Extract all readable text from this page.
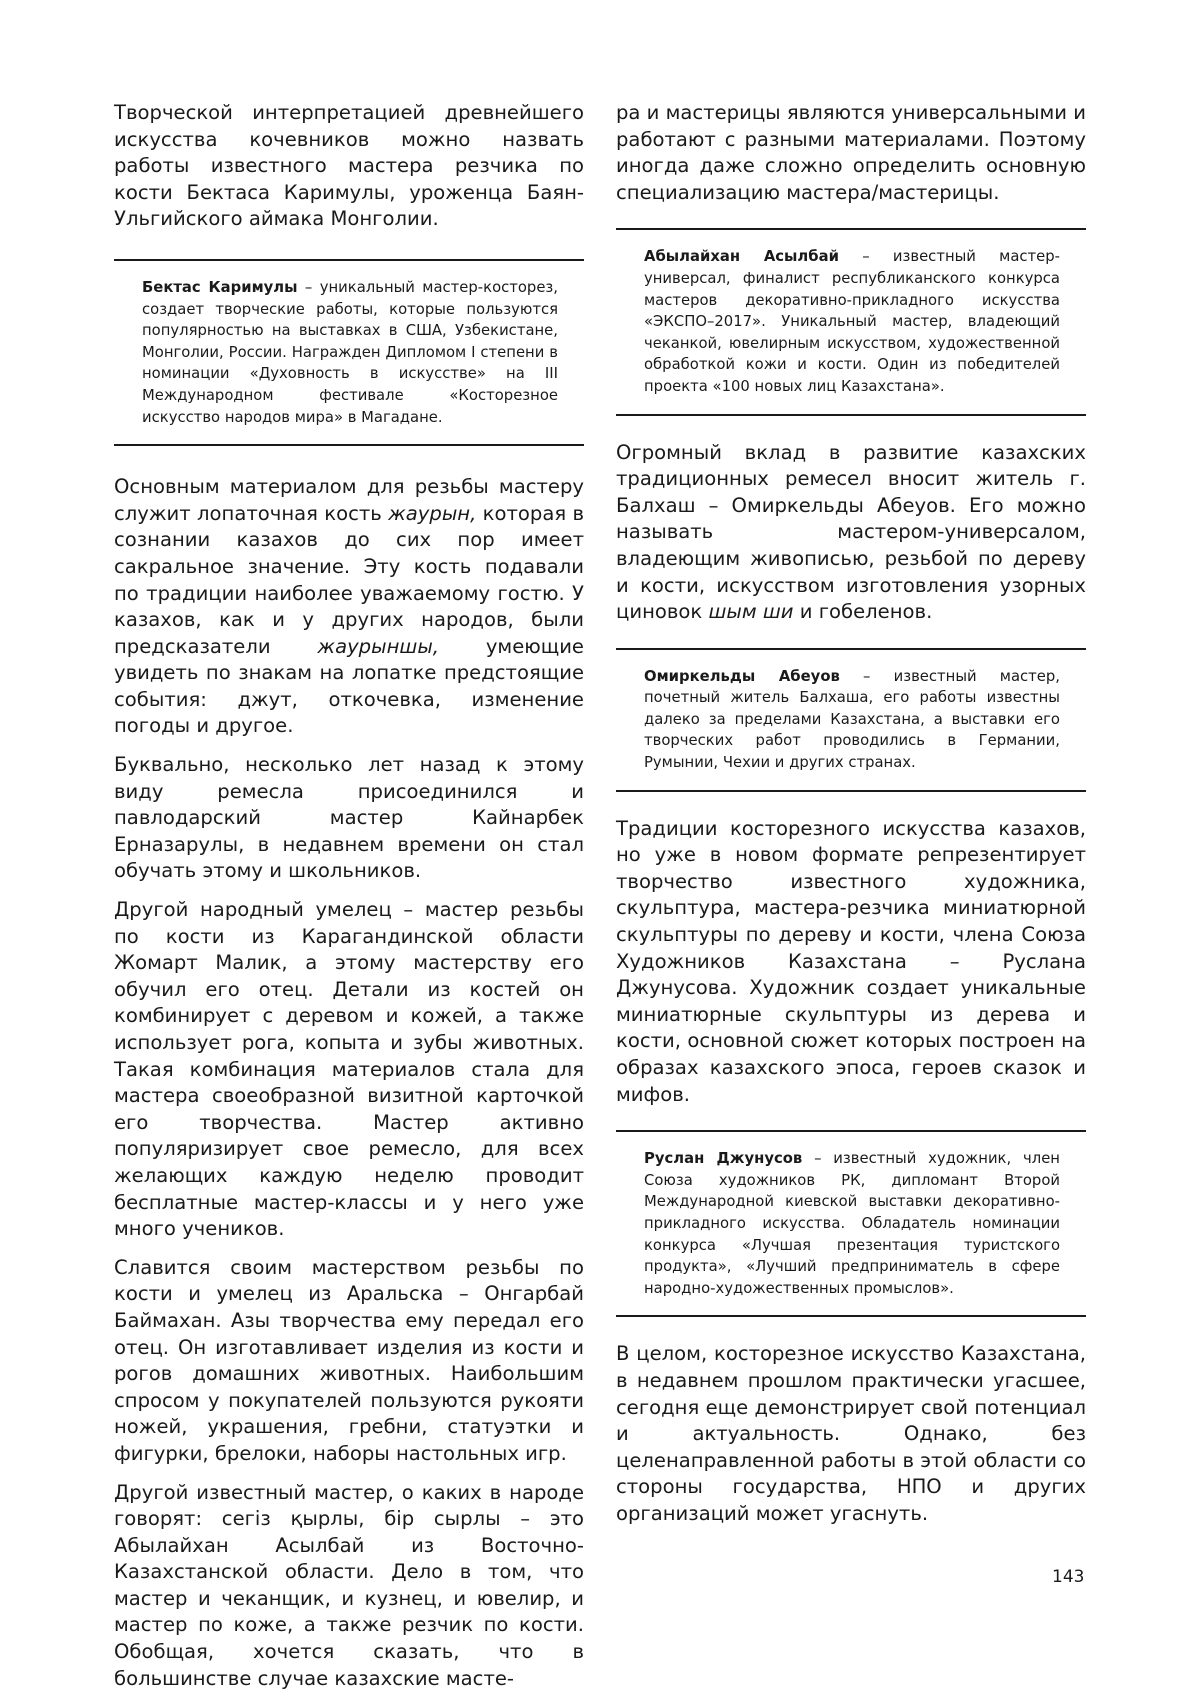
Творческой интерпретацией древнейшего искусства кочевников можно назвать работы известного мастера резчика по кости Бектаса Каримулы, уроженца Баян-Ульгийского аймака Монголии.

Бектас Каримулы – уникальный мастер-косторез, создает творческие работы, которые пользуются популярностью на выставках в США, Узбекистане, Монголии, России. Награжден Дипломом I степени в номинации «Духовность в искусстве» на III Международном фестивале «Косторезное искусство народов мира» в Магадане.

Основным материалом для резьбы мастеру служит лопаточная кость жаурын, которая в сознании казахов до сих пор имеет сакральное значение. Эту кость подавали по традиции наиболее уважаемому гостю. У казахов, как и у других народов, были предсказатели жаурыншы, умеющие увидеть по знакам на лопатке предстоящие события: джут, откочевка, изменение погоды и другое.

Буквально, несколько лет назад к этому виду ремесла присоединился и павлодарский мастер Кайнарбек Ерназарулы, в недавнем времени он стал обучать этому и школьников.

Другой народный умелец – мастер резьбы по кости из Карагандинской области Жомарт Малик, а этому мастерству его обучил его отец. Детали из костей он комбинирует с деревом и кожей, а также использует рога, копыта и зубы животных. Такая комбинация материалов стала для мастера своеобразной визитной карточкой его творчества. Мастер активно популяризирует свое ремесло, для всех желающих каждую неделю проводит бесплатные мастер-классы и у него уже много учеников.

Славится своим мастерством резьбы по кости и умелец из Аральска – Онгарбай Баймахан. Азы творчества ему передал его отец. Он изготавливает изделия из кости и рогов домашних животных. Наибольшим спросом у покупателей пользуются рукояти ножей, украшения, гребни, статуэтки и фигурки, брелоки, наборы настольных игр.

Другой известный мастер, о каких в народе говорят: сегіз қырлы, бір сырлы – это Абылайхан Асылбай из Восточно-Казахстанской области. Дело в том, что мастер и чеканщик, и кузнец, и ювелир, и мастер по коже, а также резчик по кости. Обобщая, хочется сказать, что в большинстве случае казахские масте-

ра и мастерицы являются универсальными и работают с разными материалами. Поэтому иногда даже сложно определить основную специализацию мастера/мастерицы.

Абылайхан Асылбай – известный мастер-универсал, финалист республиканского конкурса мастеров декоративно-прикладного искусства «ЭКСПО–2017». Уникальный мастер, владеющий чеканкой, ювелирным искусством, художественной обработкой кожи и кости. Один из победителей проекта «100 новых лиц Казахстана».

Огромный вклад в развитие казахских традиционных ремесел вносит житель г. Балхаш – Омиркельды Абеуов. Его можно называть мастером-универсалом, владеющим живописью, резьбой по дереву и кости, искусством изготовления узорных циновок шым ши и гобеленов.

Омиркельды Абеуов – известный мастер, почетный житель Балхаша, его работы известны далеко за пределами Казахстана, а выставки его творческих работ проводились в Германии, Румынии, Чехии и других странах.

Традиции косторезного искусства казахов, но уже в новом формате репрезентирует творчество известного художника, скульптура, мастера-резчика миниатюрной скульптуры по дереву и кости, члена Союза Художников Казахстана – Руслана Джунусова. Художник создает уникальные миниатюрные скульптуры из дерева и кости, основной сюжет которых построен на образах казахского эпоса, героев сказок и мифов.

Руслан Джунусов – известный художник, член Союза художников РК, дипломант Второй Международной киевской выставки декоративно-прикладного искусства. Обладатель номинации конкурса «Лучшая презентация туристского продукта», «Лучший предприниматель в сфере народно-художественных промыслов».

В целом, косторезное искусство Казахстана, в недавнем прошлом практически угасшее, сегодня еще демонстрирует свой потенциал и актуальность. Однако, без целенаправленной работы в этой области со стороны государства, НПО и других организаций может угаснуть.

143
